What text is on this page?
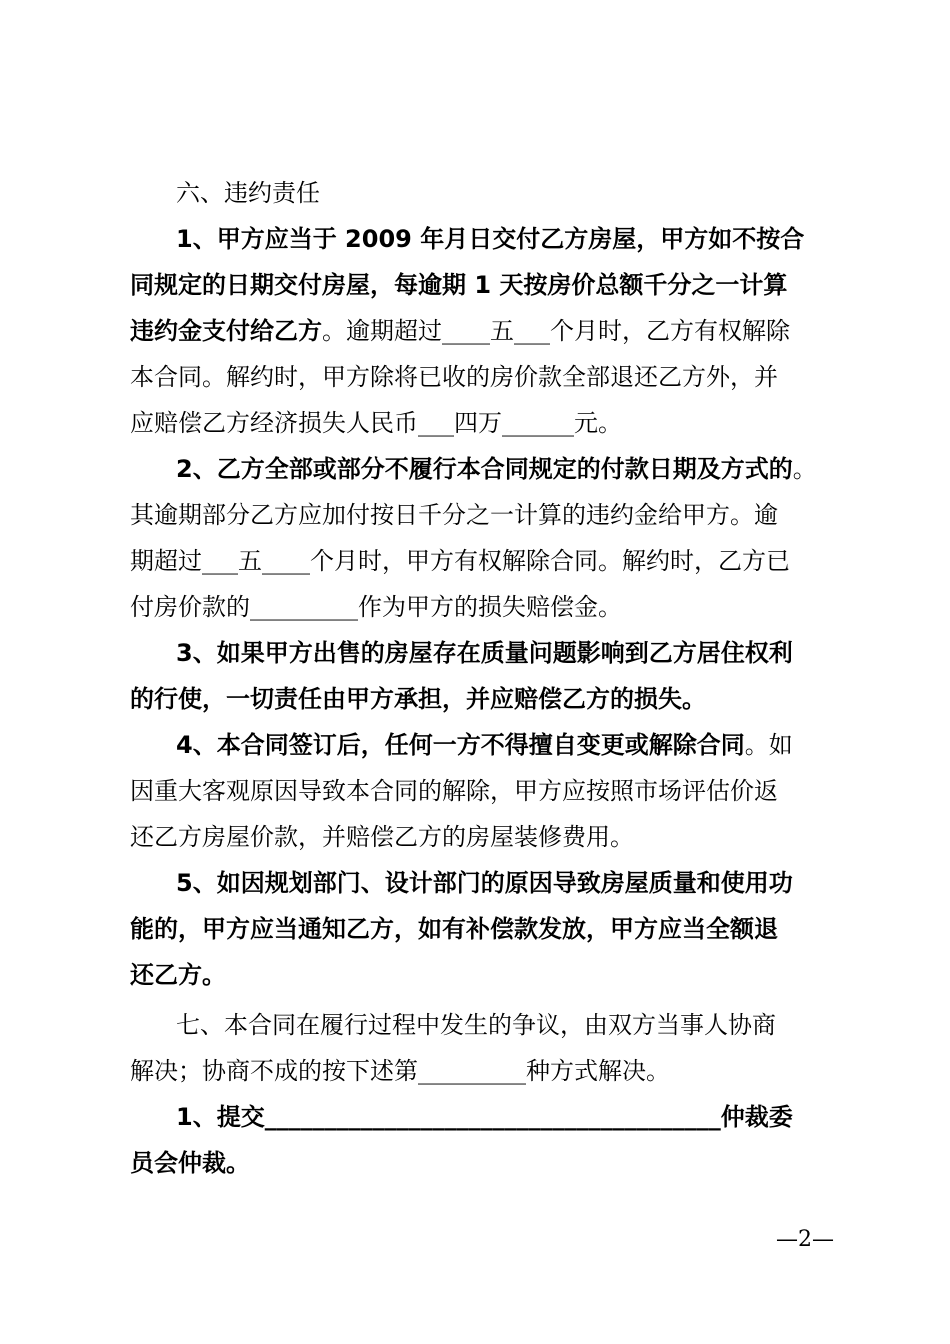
六、违约责任
1、甲方应当于 2009 年月日交付乙方房屋，甲方如不按合
同规定的日期交付房屋，每逾期 1 天按房价总额千分之一计算
违约金支付给乙方。逾期超过____五___个月时，乙方有权解除
本合同。解约时，甲方除将已收的房价款全部退还乙方外，并
应赔偿乙方经济损失人民币___四万______元。
2、乙方全部或部分不履行本合同规定的付款日期及方式的。
其逾期部分乙方应加付按日千分之一计算的违约金给甲方。逾
期超过___五____个月时，甲方有权解除合同。解约时，乙方已
付房价款的_________作为甲方的损失赔偿金。
3、如果甲方出售的房屋存在质量问题影响到乙方居住权利
的行使，一切责任由甲方承担，并应赔偿乙方的损失。
4、本合同签订后，任何一方不得擅自变更或解除合同。如
因重大客观原因导致本合同的解除，甲方应按照市场评估价返
还乙方房屋价款，并赔偿乙方的房屋装修费用。
5、如因规划部门、设计部门的原因导致房屋质量和使用功
能的，甲方应当通知乙方，如有补偿款发放，甲方应当全额退
还乙方。
七、本合同在履行过程中发生的争议，由双方当事人协商
解决；协商不成的按下述第_________种方式解决。
1、提交______________________________________仲裁委
员会仲裁。
—2—
